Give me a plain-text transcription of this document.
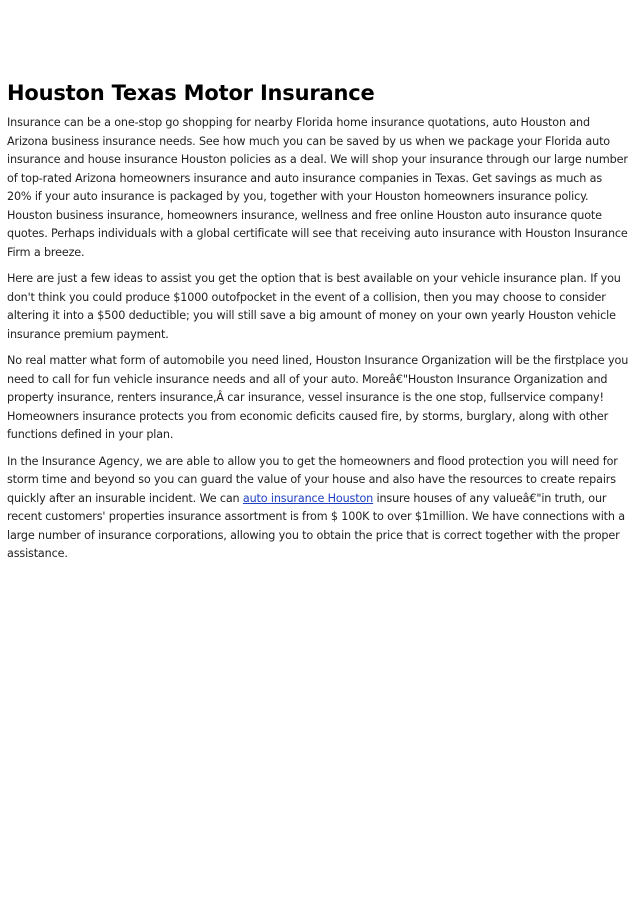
Houston Texas Motor Insurance

Insurance can be a one-stop go shopping for nearby Florida home insurance quotations, auto Houston and Arizona business insurance needs. See how much you can be saved by us when we package your Florida auto insurance and house insurance Houston policies as a deal. We will shop your insurance through our large number of top-rated Arizona homeowners insurance and auto insurance companies in Texas. Get savings as much as 20% if your auto insurance is packaged by you, together with your Houston homeowners insurance policy. Houston business insurance, homeowners insurance, wellness and free online Houston auto insurance quote quotes. Perhaps individuals with a global certificate will see that receiving auto insurance with Houston Insurance Firm a breeze.

Here are just a few ideas to assist you get the option that is best available on your vehicle insurance plan. If you don't think you could produce $1000 outofpocket in the event of a collision, then you may choose to consider altering it into a $500 deductible; you will still save a big amount of money on your own yearly Houston vehicle insurance premium payment.

No real matter what form of automobile you need lined, Houston Insurance Organization will be the firstplace you need to call for fun vehicle insurance needs and all of your auto. Moreâ€"Houston Insurance Organization and property insurance, renters insurance,Â car insurance, vessel insurance is the one stop, fullservice company! Homeowners insurance protects you from economic deficits caused fire, by storms, burglary, along with other functions defined in your plan.

In the Insurance Agency, we are able to allow you to get the homeowners and flood protection you will need for storm time and beyond so you can guard the value of your house and also have the resources to create repairs quickly after an insurable incident. We can auto insurance Houston insure houses of any valueâ€"in truth, our recent customers' properties insurance assortment is from $ 100K to over $1million. We have connections with a large number of insurance corporations, allowing you to obtain the price that is correct together with the proper assistance.
